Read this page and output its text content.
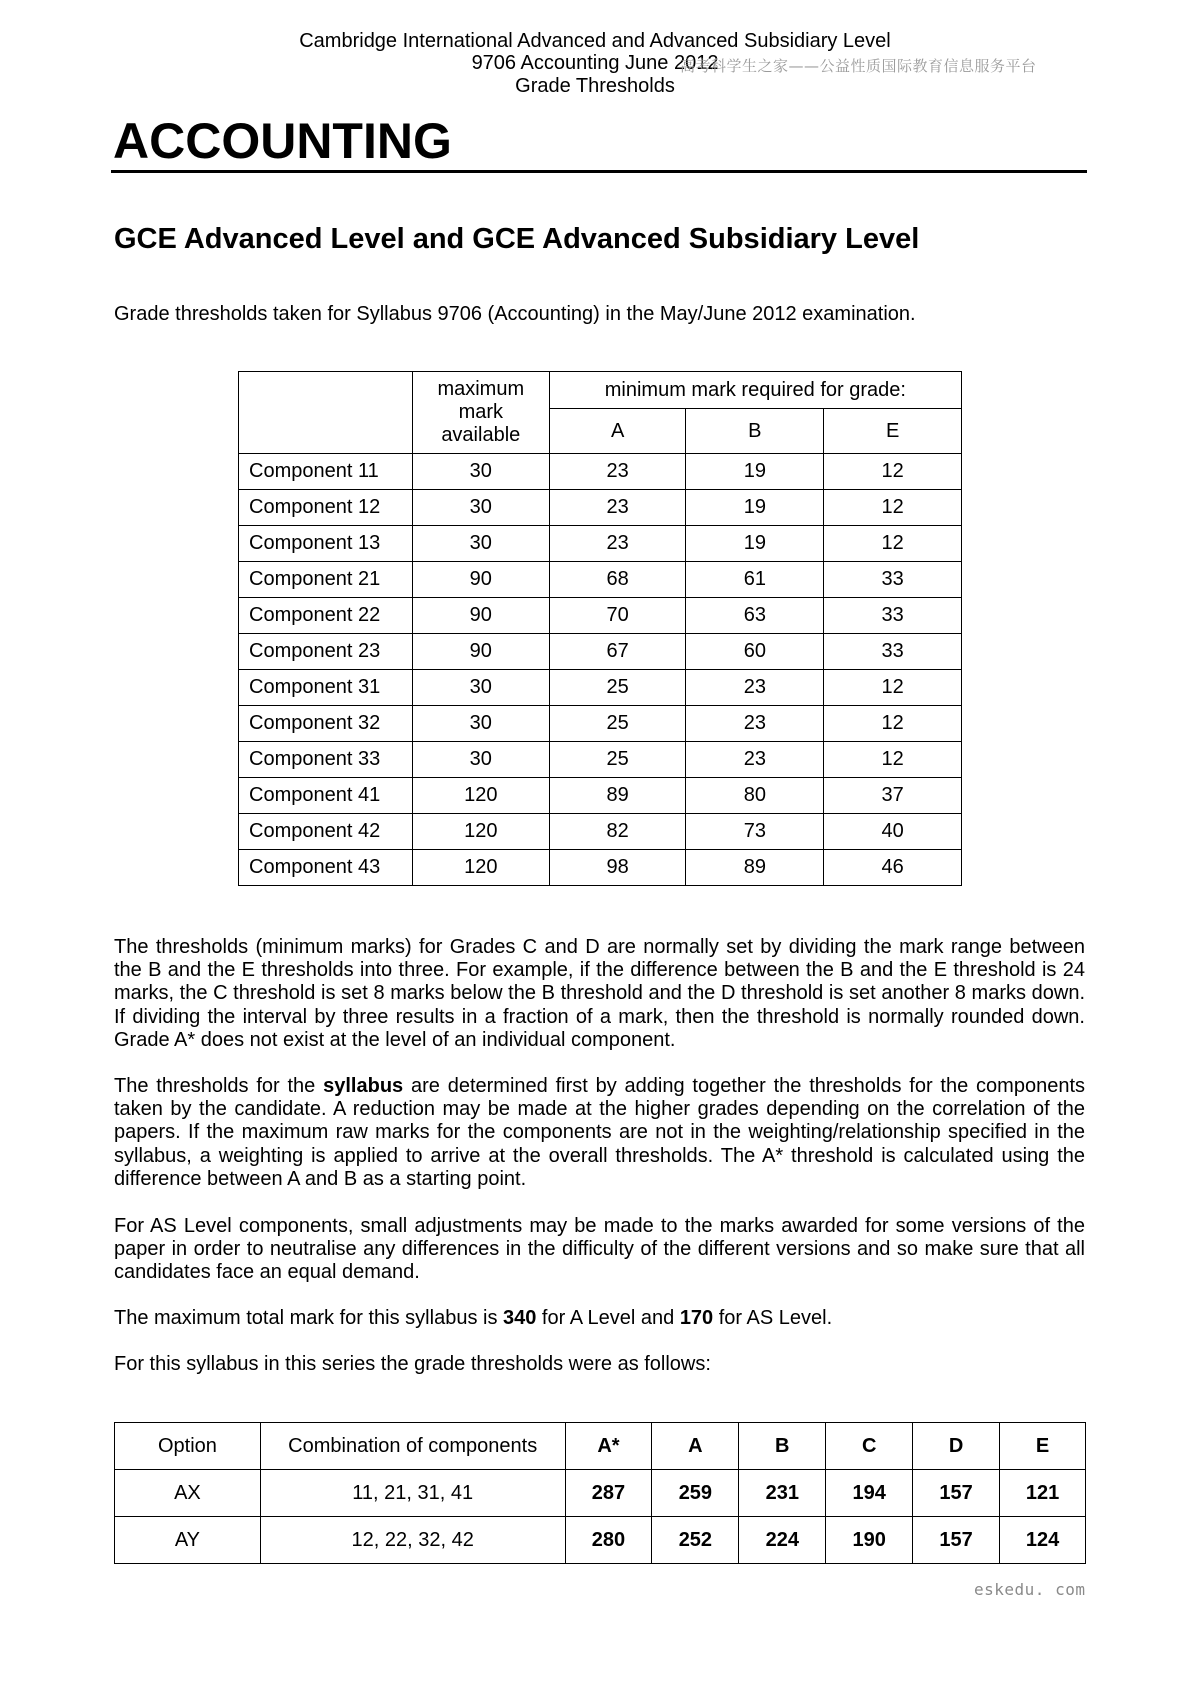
Cambridge International Advanced and Advanced Subsidiary Level
9706 Accounting June 2012
Grade Thresholds
高考科学生之家——公益性质国际教育信息服务平台
ACCOUNTING
GCE Advanced Level and GCE Advanced Subsidiary Level
Grade thresholds taken for Syllabus 9706 (Accounting) in the May/June 2012 examination.
	maximum
mark
available	minimum mark required for grade:		
		A	B	E
Component 11	30	23	19	12
Component 12	30	23	19	12
Component 13	30	23	19	12
Component 21	90	68	61	33
Component 22	90	70	63	33
Component 23	90	67	60	33
Component 31	30	25	23	12
Component 32	30	25	23	12
Component 33	30	25	23	12
Component 41	120	89	80	37
Component 42	120	82	73	40
Component 43	120	98	89	46
The thresholds (minimum marks) for Grades C and D are normally set by dividing the mark range between the B and the E thresholds into three. For example, if the difference between the B and the E threshold is 24 marks, the C threshold is set 8 marks below the B threshold and the D threshold is set another 8 marks down. If dividing the interval by three results in a fraction of a mark, then the threshold is normally rounded down. Grade A* does not exist at the level of an individual component.
The thresholds for the syllabus are determined first by adding together the thresholds for the components taken by the candidate. A reduction may be made at the higher grades depending on the correlation of the papers. If the maximum raw marks for the components are not in the weighting/relationship specified in the syllabus, a weighting is applied to arrive at the overall thresholds. The A* threshold is calculated using the difference between A and B as a starting point.
For AS Level components, small adjustments may be made to the marks awarded for some versions of the paper in order to neutralise any differences in the difficulty of the different versions and so make sure that all candidates face an equal demand.
The maximum total mark for this syllabus is 340 for A Level and 170 for AS Level.
For this syllabus in this series the grade thresholds were as follows:
Option	Combination of components	A*	A	B	C	D	E
AX	11, 21, 31, 41	287	259	231	194	157	121
AY	12, 22, 32, 42	280	252	224	190	157	124
eskedu. com
